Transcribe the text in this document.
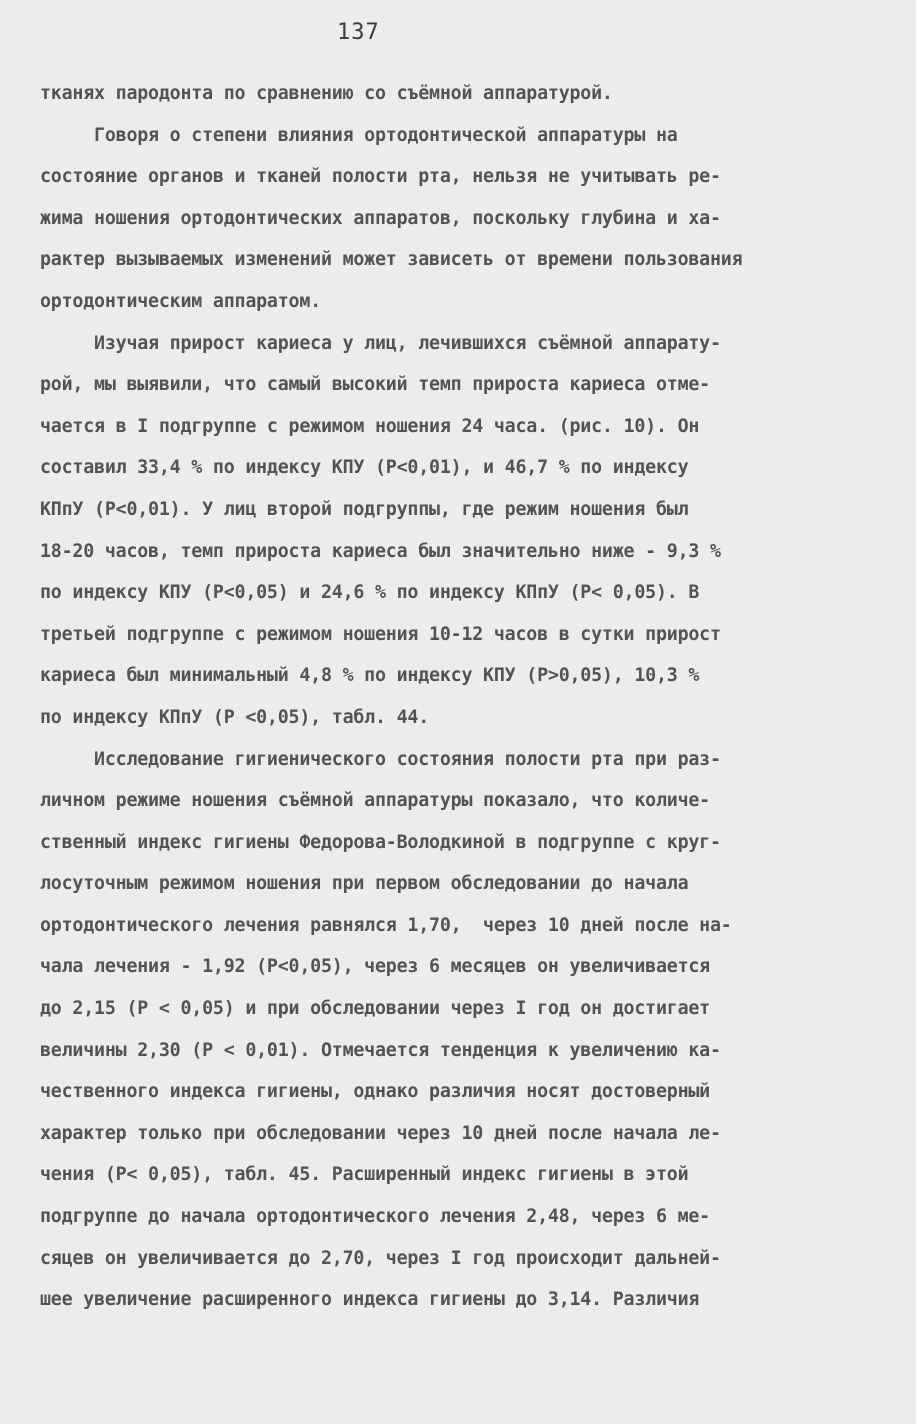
137
тканях пародонта по сравнению со съёмной аппаратурой.
Говоря о степени влияния ортодонтической аппаратуры на
состояние органов и тканей полости рта, нельзя не учитывать ре-
жима ношения ортодонтических аппаратов, поскольку глубина и ха-
рактер вызываемых изменений может зависеть от времени пользования
ортодонтическим аппаратом.
Изучая прирост кариеса у лиц, лечившихся съёмной аппарату-
рой, мы выявили, что самый высокий темп прироста кариеса отме-
чается в I подгруппе с режимом ношения 24 часа. (рис. 10). Он
составил 33,4 % по индексу КПУ (P<0,01), и 46,7 % по индексу
КПпУ (P<0,01). У лиц второй подгруппы, где режим ношения был
18-20 часов, темп прироста кариеса был значительно ниже - 9,3 %
по индексу КПУ (P<0,05) и 24,6 % по индексу КПпУ (P< 0,05). В
третьей подгруппе с режимом ношения 10-12 часов в сутки прирост
кариеса был минимальный 4,8 % по индексу КПУ (P>0,05), 10,3 %
по индексу КПпУ (P <0,05), табл. 44.
Исследование гигиенического состояния полости рта при раз-
личном режиме ношения съёмной аппаратуры показало, что количе-
ственный индекс гигиены Федорова-Володкиной в подгруппе с круг-
лосуточным режимом ношения при первом обследовании до начала
ортодонтического лечения равнялся 1,70,  через 10 дней после на-
чала лечения - 1,92 (P<0,05), через 6 месяцев он увеличивается
до 2,15 (P < 0,05) и при обследовании через I год он достигает
величины 2,30 (P < 0,01). Отмечается тенденция к увеличению ка-
чественного индекса гигиены, однако различия носят достоверный
характер только при обследовании через 10 дней после начала ле-
чения (P< 0,05), табл. 45. Расширенный индекс гигиены в этой
подгруппе до начала ортодонтического лечения 2,48, через 6 ме-
сяцев он увеличивается до 2,70, через I год происходит дальней-
шее увеличение расширенного индекса гигиены до 3,14. Различия
